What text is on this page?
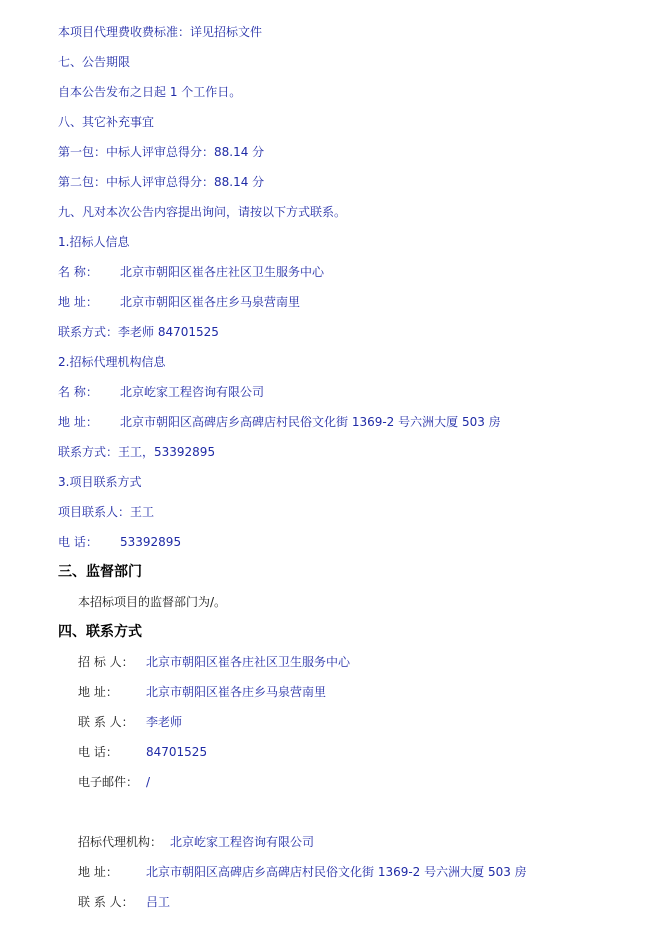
本项目代理费收费标准：详见招标文件
七、公告期限
自本公告发布之日起 1 个工作日。
八、其它补充事宜
第一包：中标人评审总得分：88.14 分
第二包：中标人评审总得分：88.14 分
九、凡对本次公告内容提出询问，请按以下方式联系。
1.招标人信息
名 称： 北京市朝阳区崔各庄社区卫生服务中心
地 址： 北京市朝阳区崔各庄乡马泉营南里
联系方式：李老师 84701525
2.招标代理机构信息
名 称： 北京屹家工程咨询有限公司
地 址： 北京市朝阳区高碑店乡高碑店村民俗文化街 1369-2 号六洲大厦 503 房
联系方式：王工，53392895
3.项目联系方式
项目联系人：王工
电 话： 53392895
三、监督部门
本招标项目的监督部门为/。
四、联系方式
招 标 人： 北京市朝阳区崔各庄社区卫生服务中心
地 址： 北京市朝阳区崔各庄乡马泉营南里
联 系 人： 李老师
电 话： 84701525
电子邮件： /
招标代理机构： 北京屹家工程咨询有限公司
地 址： 北京市朝阳区高碑店乡高碑店村民俗文化街 1369-2 号六洲大厦 503 房
联 系 人： 吕工
